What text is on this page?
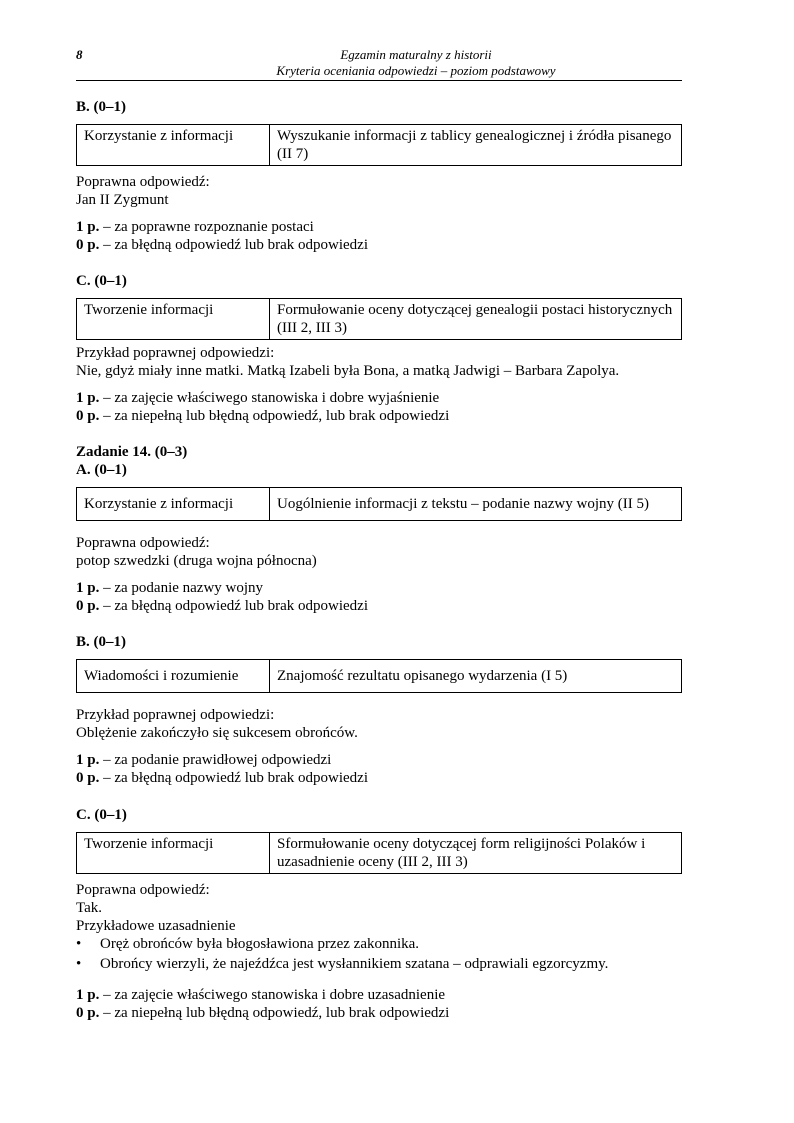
8	Egzamin maturalny z historii
Kryteria oceniania odpowiedzi – poziom podstawowy
B. (0–1)
Korzystanie z informacji	Wyszukanie informacji z tablicy genealogicznej i źródła pisanego (II 7)

Poprawna odpowiedź:

Jan II Zygmunt

1 p. – za poprawne rozpoznanie postaci

0 p. – za błędną odpowiedź lub brak odpowiedzi

C. (0–1)
Tworzenie informacji	Formułowanie oceny dotyczącej genealogii postaci historycznych (III 2, III 3)

Przykład poprawnej odpowiedzi:

Nie, gdyż miały inne matki. Matką Izabeli była Bona, a matką Jadwigi – Barbara Zapolya.

1 p. – za zajęcie właściwego stanowiska i dobre wyjaśnienie

0 p. – za niepełną lub błędną odpowiedź, lub brak odpowiedzi

Zadanie 14. (0–3)
A. (0–1)
Korzystanie z informacji	Uogólnienie informacji z tekstu – podanie nazwy wojny (II 5)

Poprawna odpowiedź:

potop szwedzki (druga wojna północna)

1 p. – za podanie nazwy wojny

0 p. – za błędną odpowiedź lub brak odpowiedzi

B. (0–1)
Wiadomości i rozumienie	Znajomość rezultatu opisanego wydarzenia (I 5)

Przykład poprawnej odpowiedzi:

Oblężenie zakończyło się sukcesem obrońców.

1 p. – za podanie prawidłowej odpowiedzi

0 p. – za błędną odpowiedź lub brak odpowiedzi

C. (0–1)
Tworzenie informacji	Sformułowanie oceny dotyczącej form religijności Polaków i uzasadnienie oceny (III 2, III 3)

Poprawna odpowiedź:

Tak.

Przykładowe uzasadnienie

• Oręż obrońców była błogosławiona przez zakonnika.
• Obrońcy wierzyli, że najeźdźca jest wysłannikiem szatana – odprawiali egzorcyzmy.

1 p. – za zajęcie właściwego stanowiska i dobre uzasadnienie

0 p. – za niepełną lub błędną odpowiedź, lub brak odpowiedzi
